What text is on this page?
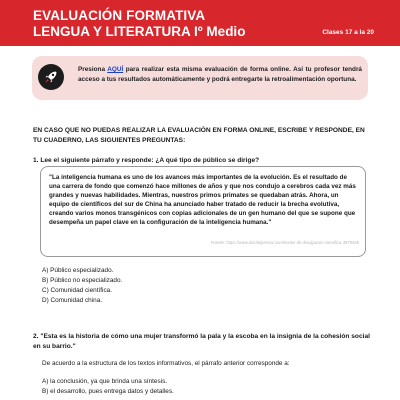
EVALUACIÓN FORMATIVA
LENGUA Y LITERATURA Iº Medio	Clases 17 a la 20
Presiona AQUÍ para realizar esta misma evaluación de forma online. Así tu profesor tendrá acceso a tus resultados automáticamente y podrá entregarte la retroalimentación oportuna.
EN CASO QUE NO PUEDAS REALIZAR LA EVALUACIÓN EN FORMA ONLINE, ESCRIBE Y RESPONDE, EN TU CUADERNO, LAS SIGUIENTES PREGUNTAS:
1. Lee el siguiente párrafo y responde: ¿A qué tipo de público se dirige?
"La inteligencia humana es uno de los avances más importantes de la evolución. Es el resultado de una carrera de fondo que comenzó hace millones de años y que nos condujo a cerebros cada vez más grandes y nuevas habilidades. Mientras, nuestros primos primates se quedaban atrás. Ahora, un equipo de científicos del sur de China ha anunciado haber tratado de reducir la brecha evolutiva, creando varios monos transgénicos con copias adicionales de un gen humano del que se supone que desempeña un papel clave en la configuración de la inteligencia humana."
Fuente: https://www.abcdelpensar.com/textos-de-divulgacion-cientifica-3879465
A) Público especializado.
B) Público no especializado.
C) Comunidad científica.
D) Comunidad china.
2. "Esta es la historia de cómo una mujer transformó la pala y la escoba en la insignia de la cohesión social en su barrio."
De acuerdo a la estructura de los textos informativos, el párrafo anterior corresponde a:
A) la conclusión, ya que brinda una síntesis.
B) el desarrollo, pues entrega datos y detalles.
